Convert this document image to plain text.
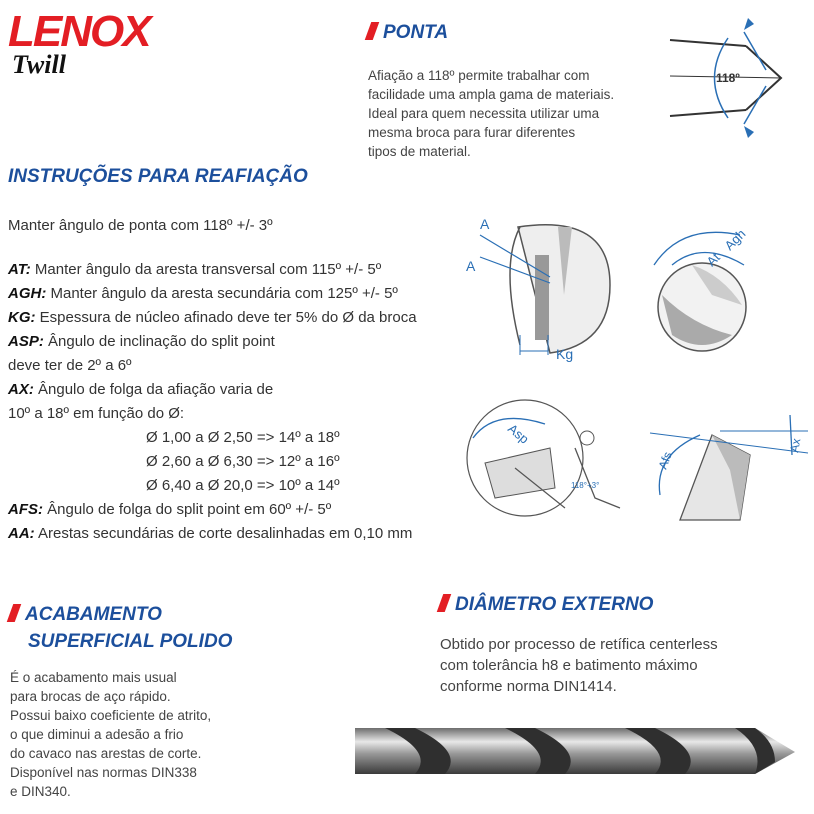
LENOX
Twill
PONTA
Afiação a 118º permite trabalhar com
facilidade uma ampla gama de materiais.
Ideal para quem necessita utilizar uma
mesma broca para furar diferentes
tipos de material.
118º
INSTRUÇÕES PARA REAFIAÇÃO
Manter ângulo de ponta com 118º +/- 3º
AT: Manter ângulo da aresta transversal com 115º +/- 5º
AGH: Manter ângulo da aresta secundária com 125º +/- 5º
KG: Espessura de núcleo afinado deve ter 5% do Ø da broca
ASP: Ângulo de inclinação do split point
deve ter de 2º a 6º
AX: Ângulo de folga da afiação varia de
10º a 18º em função do Ø:
Ø 1,00 a Ø 2,50 => 14º a 18º
Ø 2,60 a Ø 6,30 => 12º a 16º
Ø 6,40 a Ø 20,0 => 10º a 14º
AFS: Ângulo de folga do split point em 60º +/- 5º
AA: Arestas secundárias de corte desalinhadas em 0,10 mm
A
A
Kg
Agh
At
Asp
118°+3°
Afs
Ax
ACABAMENTO
SUPERFICIAL POLIDO
É o acabamento mais usual
para brocas de aço rápido.
Possui baixo coeficiente de atrito,
o que diminui a adesão a frio
do cavaco nas arestas de corte.
Disponível nas normas DIN338
e DIN340.
DIÂMETRO EXTERNO
Obtido por processo de retífica centerless
com tolerância h8 e batimento máximo
conforme norma DIN1414.
